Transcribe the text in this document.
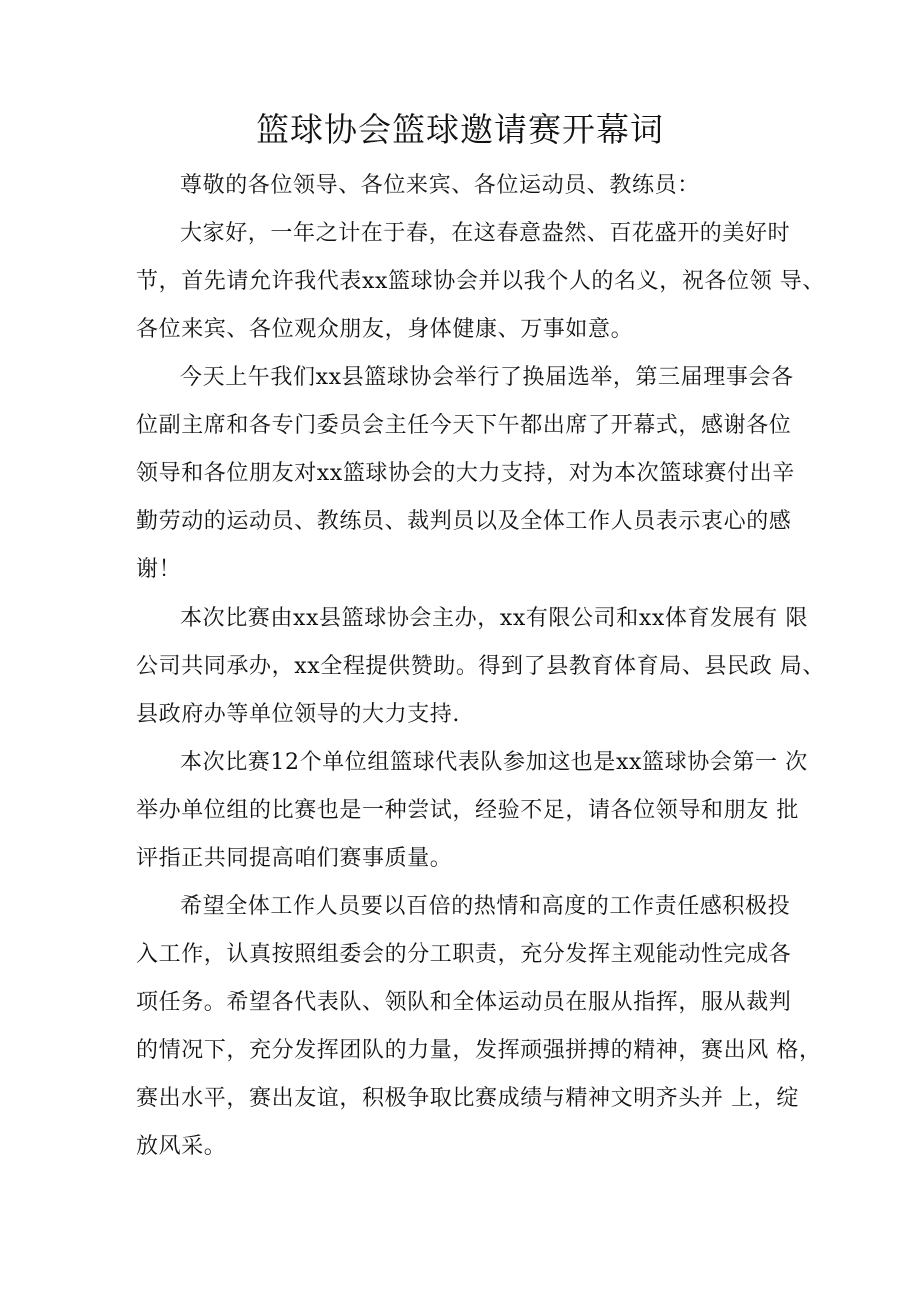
篮球协会篮球邀请赛开幕词
尊敬的各位领导、各位来宾、各位运动员、教练员：
大家好，一年之计在于春，在这春意盎然、百花盛开的美好时
节，首先请允许我代表xx篮球协会并以我个人的名义，祝各位领 导、
各位来宾、各位观众朋友，身体健康、万事如意。
今天上午我们xx县篮球协会举行了换届选举，第三届理事会各
位副主席和各专门委员会主任今天下午都出席了开幕式，感谢各位
领导和各位朋友对xx篮球协会的大力支持，对为本次篮球赛付出辛
勤劳动的运动员、教练员、裁判员以及全体工作人员表示衷心的感
谢！
本次比赛由xx县篮球协会主办，xx有限公司和xx体育发展有 限
公司共同承办，xx全程提供赞助。得到了县教育体育局、县民政 局、
县政府办等单位领导的大力支持.
本次比赛12个单位组篮球代表队参加这也是xx篮球协会第一 次
举办单位组的比赛也是一种尝试，经验不足，请各位领导和朋友 批
评指正共同提高咱们赛事质量。
希望全体工作人员要以百倍的热情和高度的工作责任感积极投
入工作，认真按照组委会的分工职责，充分发挥主观能动性完成各
项任务。希望各代表队、领队和全体运动员在服从指挥，服从裁判
的情况下，充分发挥团队的力量，发挥顽强拼搏的精神，赛出风 格，
赛出水平，赛出友谊，积极争取比赛成绩与精神文明齐头并 上，绽
放风采。
